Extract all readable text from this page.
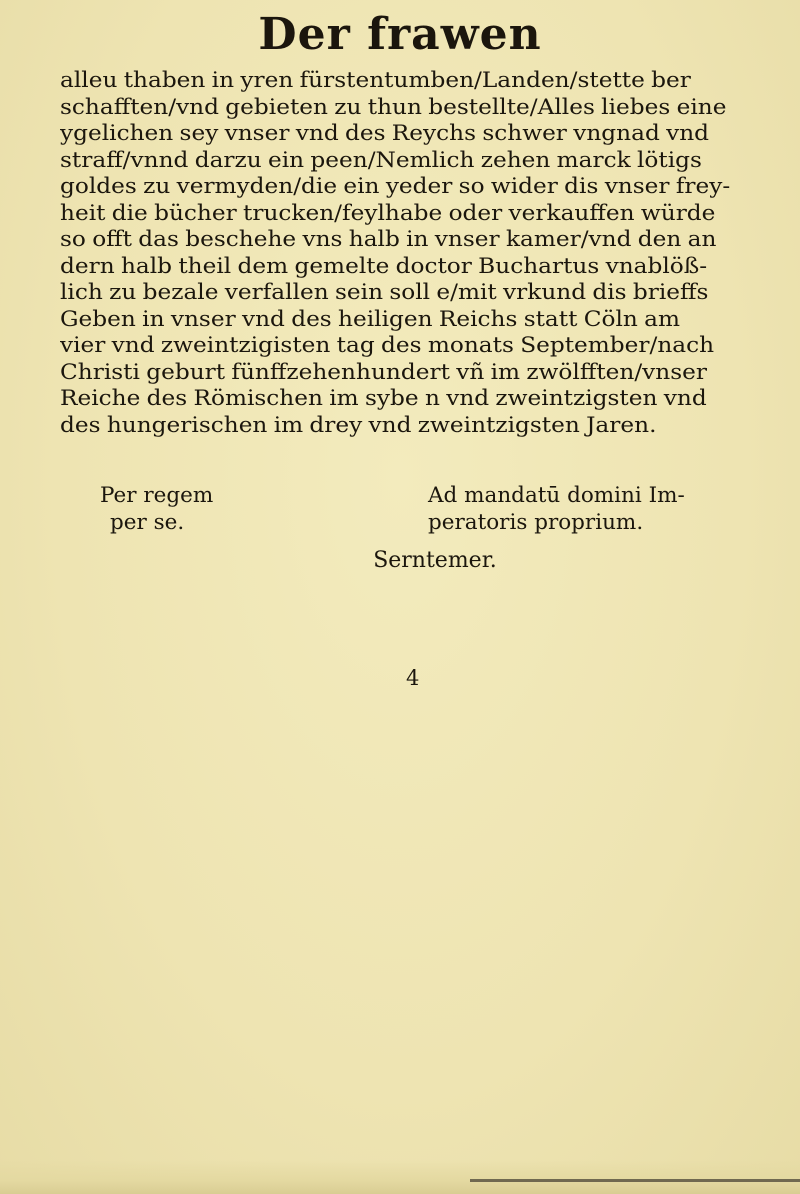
Der frawen
alleu thaben in yren fürstentumben/Landen/stette ber
schafften/vnd gebieten zu thun bestellte/Alles liebes eine
ygelichen sey vnser vnd des Reychs schwer vngnad vnd
straff/vnnd darzu ein peen/Nemlich zehen marck lötigs
goldes zu vermyden/die ein yeder so wider dis vnser frey-
heit die bücher trucken/feylhabe oder verkauffen würde
so offt das beschehe vns halb in vnser kamer/vnd den an
dern halb theil dem gemelte doctor Buchartus vnablöß-
lich zu bezale verfallen sein soll e/mit vrkund dis brieffs
Geben in vnser vnd des heiligen Reichs statt Cöln am
vier vnd zweintzigisten tag des monats September/nach
Christi geburt fünffzehenhundert vñ im zwölfften/vnser
Reiche des Römischen im sybe n vnd zweintzigsten vnd
des hungerischen im drey vnd zweintzigsten Jaren.
Per regem
per se.
Ad mandatū domini Im-
peratoris proprium.
Serntemer.
4
